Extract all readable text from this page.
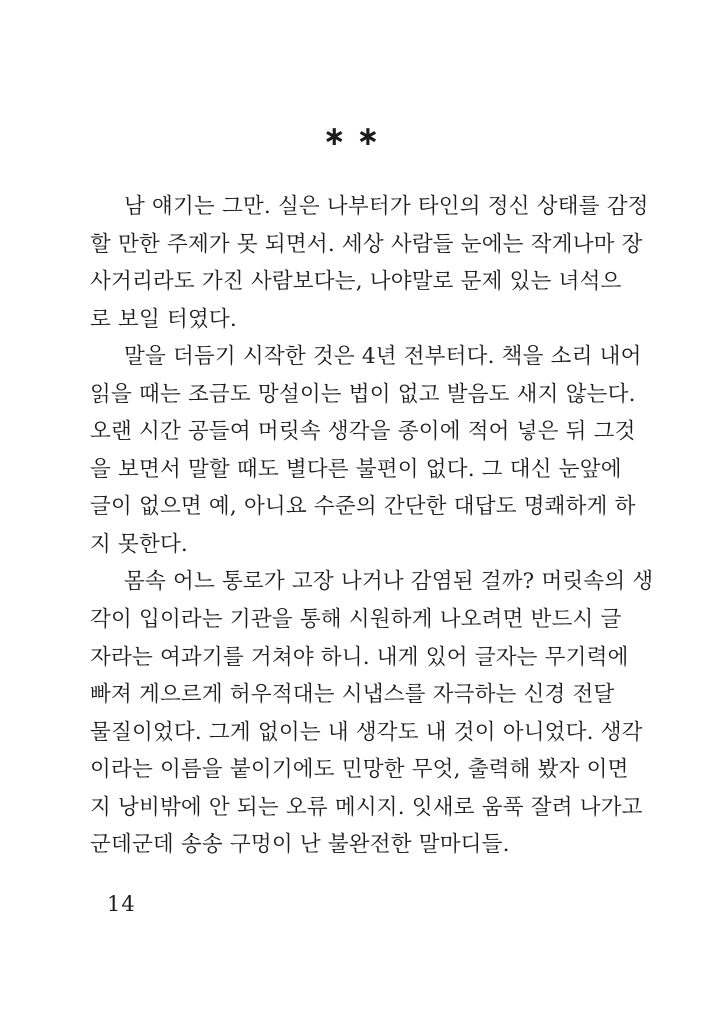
∗∗
남 얘기는 그만. 실은 나부터가 타인의 정신 상태를 감정
할 만한 주제가 못 되면서. 세상 사람들 눈에는 작게나마 장
사거리라도 가진 사람보다는, 나야말로 문제 있는 녀석으
로 보일 터였다.
말을 더듬기 시작한 것은 4년 전부터다. 책을 소리 내어
읽을 때는 조금도 망설이는 법이 없고 발음도 새지 않는다.
오랜 시간 공들여 머릿속 생각을 종이에 적어 넣은 뒤 그것
을 보면서 말할 때도 별다른 불편이 없다. 그 대신 눈앞에
글이 없으면 예, 아니요 수준의 간단한 대답도 명쾌하게 하
지 못한다.
몸속 어느 통로가 고장 나거나 감염된 걸까? 머릿속의 생
각이 입이라는 기관을 통해 시원하게 나오려면 반드시 글
자라는 여과기를 거쳐야 하니. 내게 있어 글자는 무기력에
빠져 게으르게 허우적대는 시냅스를 자극하는 신경 전달
물질이었다. 그게 없이는 내 생각도 내 것이 아니었다. 생각
이라는 이름을 붙이기에도 민망한 무엇, 출력해 봤자 이면
지 낭비밖에 안 되는 오류 메시지. 잇새로 움푹 잘려 나가고
군데군데 송송 구멍이 난 불완전한 말마디들.
14
